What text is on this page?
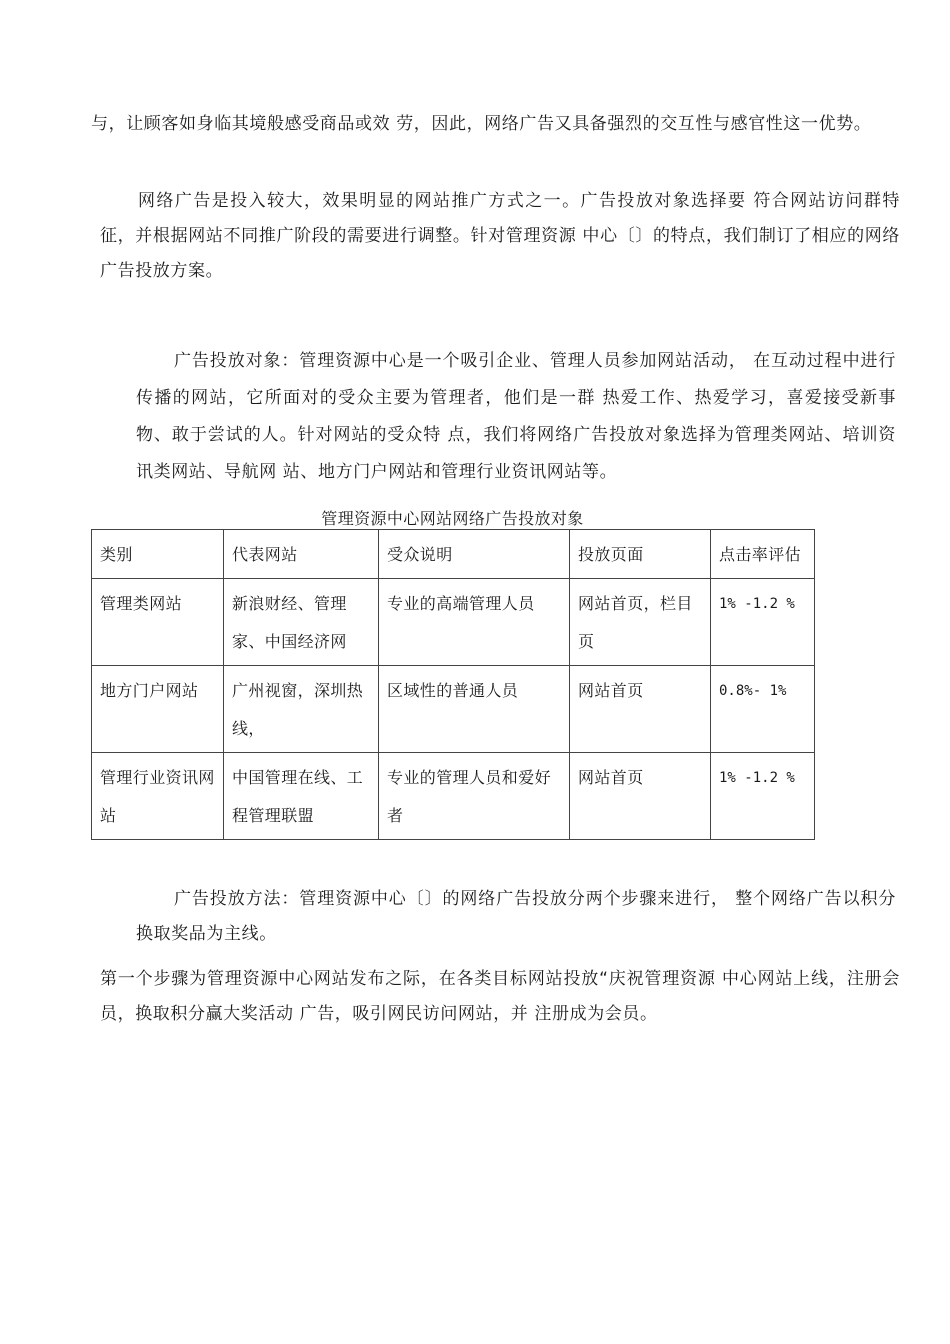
与，让顾客如身临其境般感受商品或效 劳，因此，网络广告又具备强烈的交互性与感官性这一优势。

网络广告是投入较大，效果明显的网站推广方式之一。广告投放对象选择要 符合网站访问群特征，并根据网站不同推广阶段的需要进行调整。针对管理资源 中心〔〕的特点，我们制订了相应的网络广告投放方案。

广告投放对象：管理资源中心是一个吸引企业、管理人员参加网站活动， 在互动过程中进行传播的网站，它所面对的受众主要为管理者，他们是一群 热爱工作、热爱学习，喜爱接受新事物、敢于尝试的人。针对网站的受众特 点，我们将网络广告投放对象选择为管理类网站、培训资讯类网站、导航网 站、地方门户网站和管理行业资讯网站等。

管理资源中心网站网络广告投放对象

类别	代表网站	受众说明	投放页面	点击率评估
管理类网站	新浪财经、管理家、中国经济网	专业的高端管理人员	网站首页，栏目页	1% -1.2 %
地方门户网站	广州视窗，深圳热线，	区域性的普通人员	网站首页	0.8%- 1%
管理行业资讯网站	中国管理在线、工程管理联盟	专业的管理人员和爱好者	网站首页	1% -1.2 %

广告投放方法：管理资源中心〔〕的网络广告投放分两个步骤来进行， 整个网络广告以积分换取奖品为主线。

第一个步骤为管理资源中心网站发布之际，在各类目标网站投放“庆祝管理资源 中心网站上线，注册会员，换取积分赢大奖活动 广告，吸引网民访问网站，并 注册成为会员。
